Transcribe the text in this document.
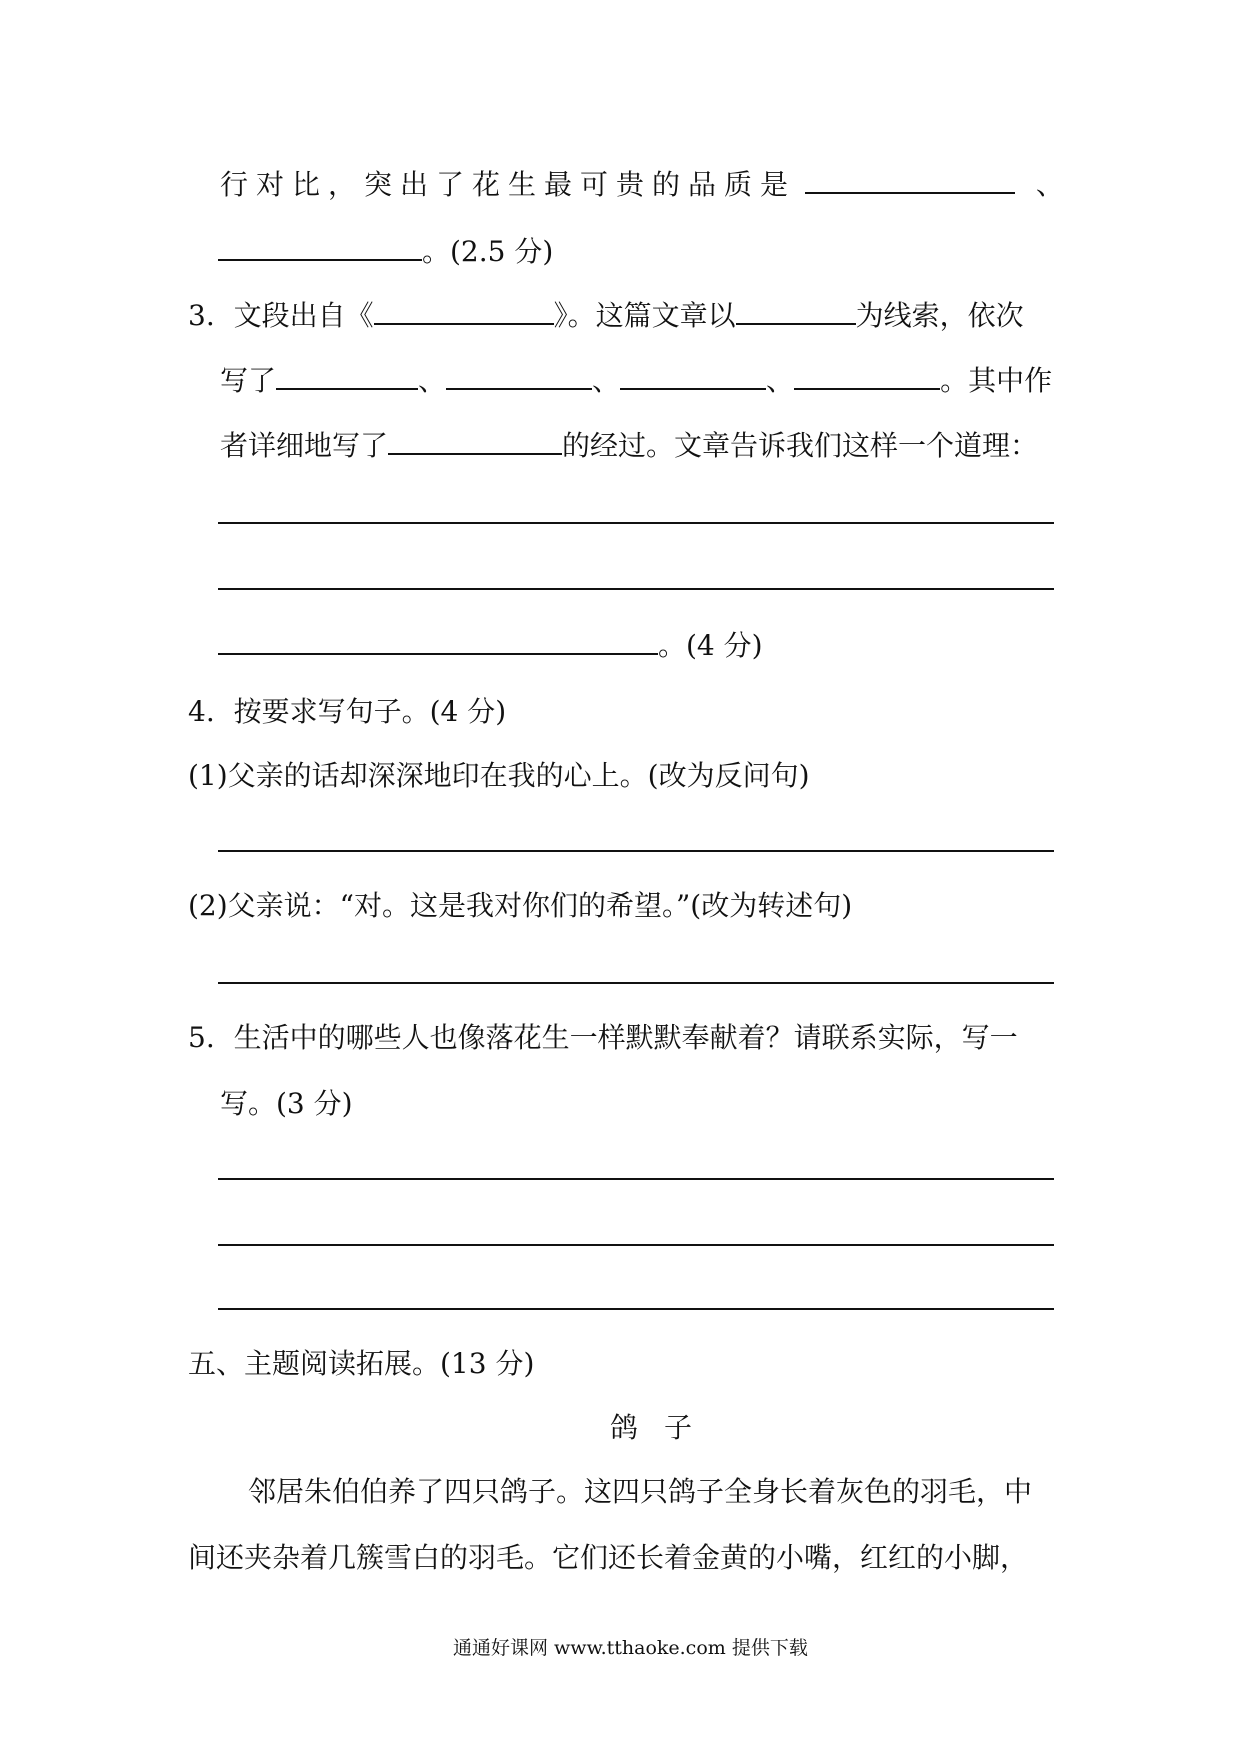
行对比，突出了花生最可贵的品质是	、
。(2.5 分)
3. 文段出自《	》。这篇文章以	为线索，依次
写了	、	、	、	。其中作
者详细地写了	的经过。文章告诉我们这样一个道理：
。(4 分)
4. 按要求写句子。(4 分)
(1)父亲的话却深深地印在我的心上。(改为反问句)
(2)父亲说：“对。这是我对你们的希望。”(改为转述句)
5. 生活中的哪些人也像落花生一样默默奉献着？请联系实际，写一
写。(3 分)
五、主题阅读拓展。(13 分)
鸽子
邻居朱伯伯养了四只鸽子。这四只鸽子全身长着灰色的羽毛，中
间还夹杂着几簇雪白的羽毛。它们还长着金黄的小嘴，红红的小脚，
通通好课网 www.tthaoke.com 提供下载
